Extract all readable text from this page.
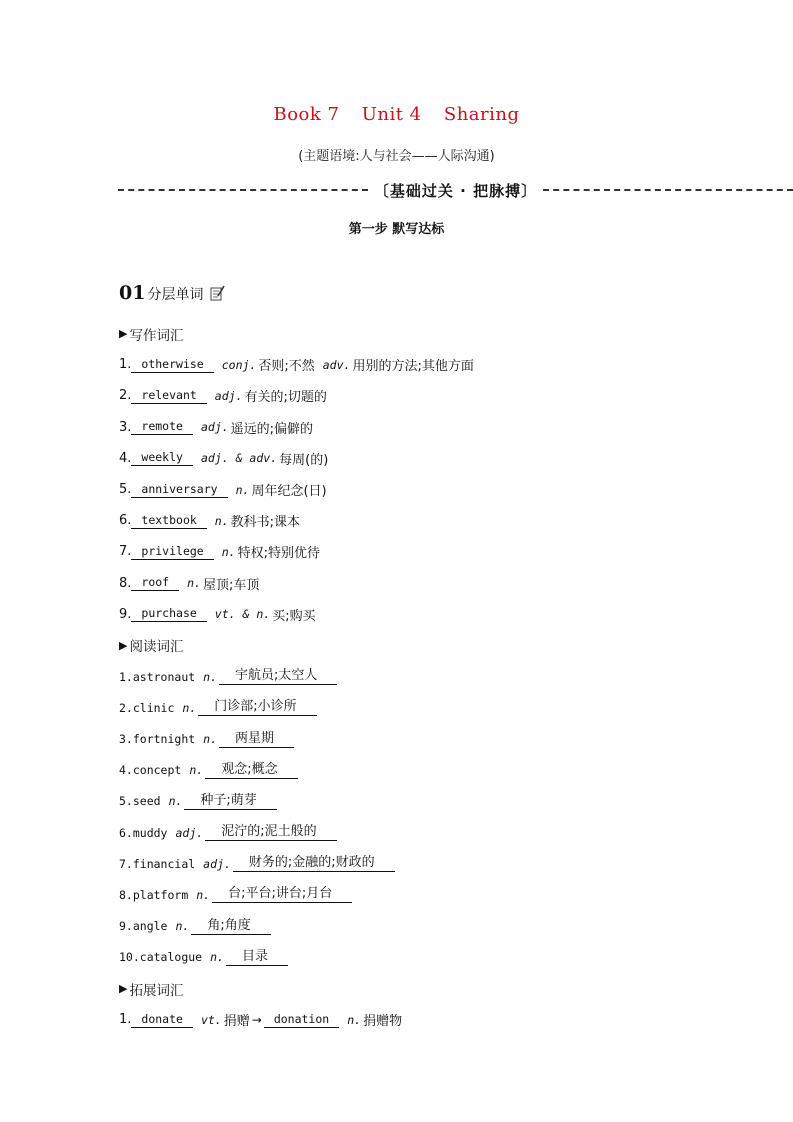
Book 7 Unit 4 Sharing
(主题语境:人与社会——人际沟通)
〔基础过关 · 把脉搏〕
第一步 默写达标
01 分层单词
▶ 写作词汇
1. otherwise	conj. 否则;不然 adv. 用别的方法;其他方面
2. relevant	adj. 有关的;切题的
3. remote	adj. 遥远的;偏僻的
4. weekly	adj. & adv. 每周(的)
5. anniversary	n. 周年纪念(日)
6. textbook	n. 教科书;课本
7. privilege	n. 特权;特别优待
8. roof	n. 屋顶;车顶
9. purchase	vt. & n. 买;购买
▶ 阅读词汇
1. astronaut n.	宇航员;太空人
2. clinic n.	门诊部;小诊所
3. fortnight n.	两星期
4. concept n.	观念;概念
5. seed n.	种子;萌芽
6. muddy adj.	泥泞的;泥土般的
7. financial adj.	财务的;金融的;财政的
8. platform n.	台;平台;讲台;月台
9. angle n.	角;角度
10. catalogue n.	目录
▶ 拓展词汇
1. donate	vt. 捐赠 →	donation	n. 捐赠物
